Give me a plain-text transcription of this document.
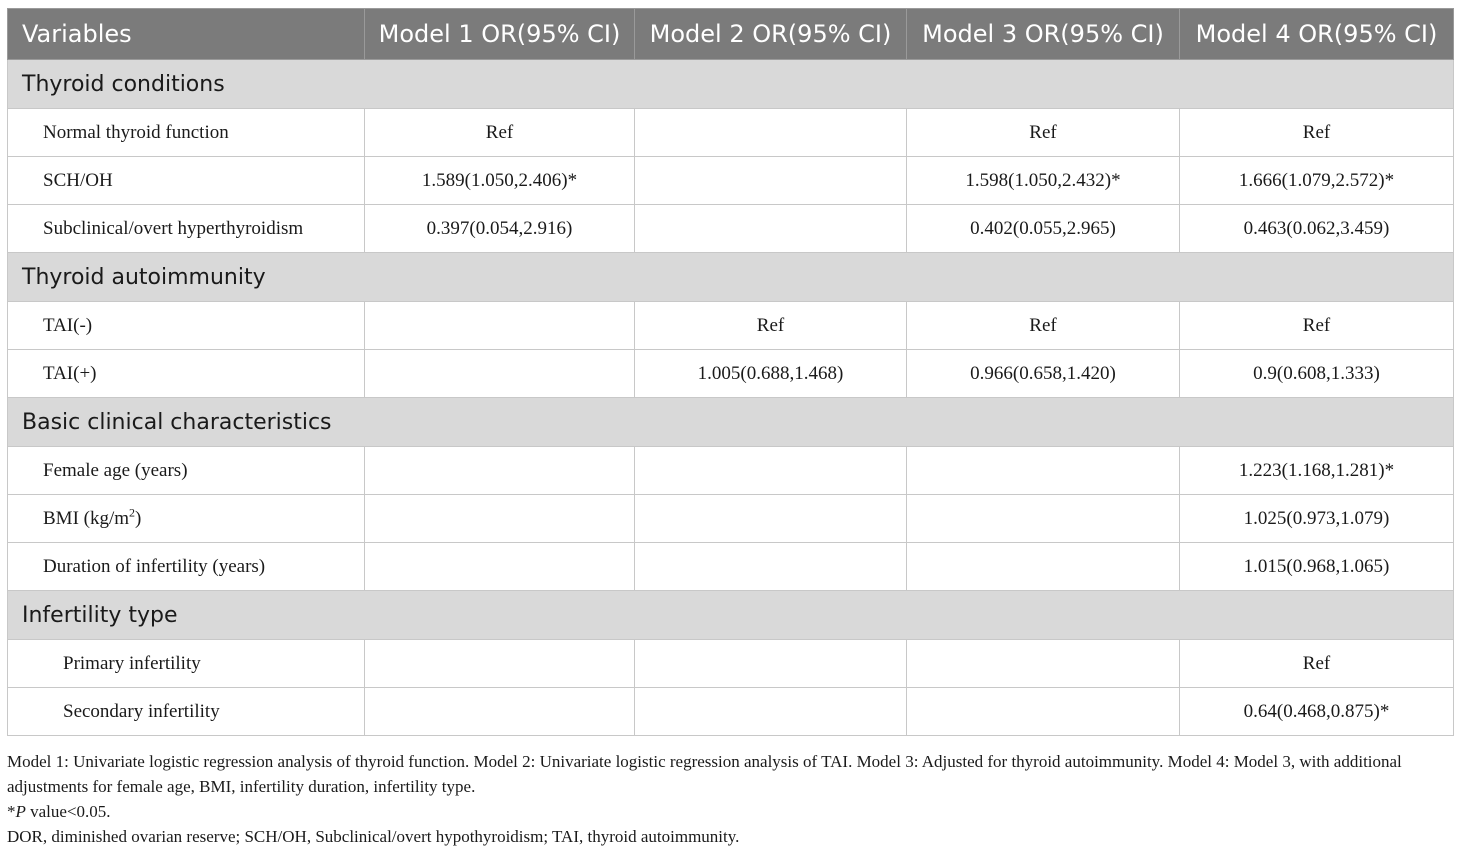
Variables	Model 1 OR(95% CI)	Model 2 OR(95% CI)	Model 3 OR(95% CI)	Model 4 OR(95% CI)
Thyroid conditions				
Normal thyroid function	Ref		Ref	Ref
SCH/OH	1.589(1.050,2.406)*		1.598(1.050,2.432)*	1.666(1.079,2.572)*
Subclinical/overt hyperthyroidism	0.397(0.054,2.916)		0.402(0.055,2.965)	0.463(0.062,3.459)
Thyroid autoimmunity				
TAI(-)		Ref	Ref	Ref
TAI(+)		1.005(0.688,1.468)	0.966(0.658,1.420)	0.9(0.608,1.333)
Basic clinical characteristics				
Female age (years)				1.223(1.168,1.281)*
BMI $(kg/m^2)$				1.025(0.973,1.079)
Duration of infertility (years)				1.015(0.968,1.065)
Infertility type				
Primary infertility				Ref
Secondary infertility				0.64(0.468,0.875)*

Model 1: Univariate logistic regression analysis of thyroid function. Model 2: Univariate logistic regression analysis of TAI. Model 3: Adjusted for thyroid autoimmunity. Model 4: Model 3, with additional adjustments for female age, BMI, infertility duration, infertility type.

*P value<0.05.

DOR, diminished ovarian reserve; SCH/OH, Subclinical/overt hypothyroidism; TAI, thyroid autoimmunity.
